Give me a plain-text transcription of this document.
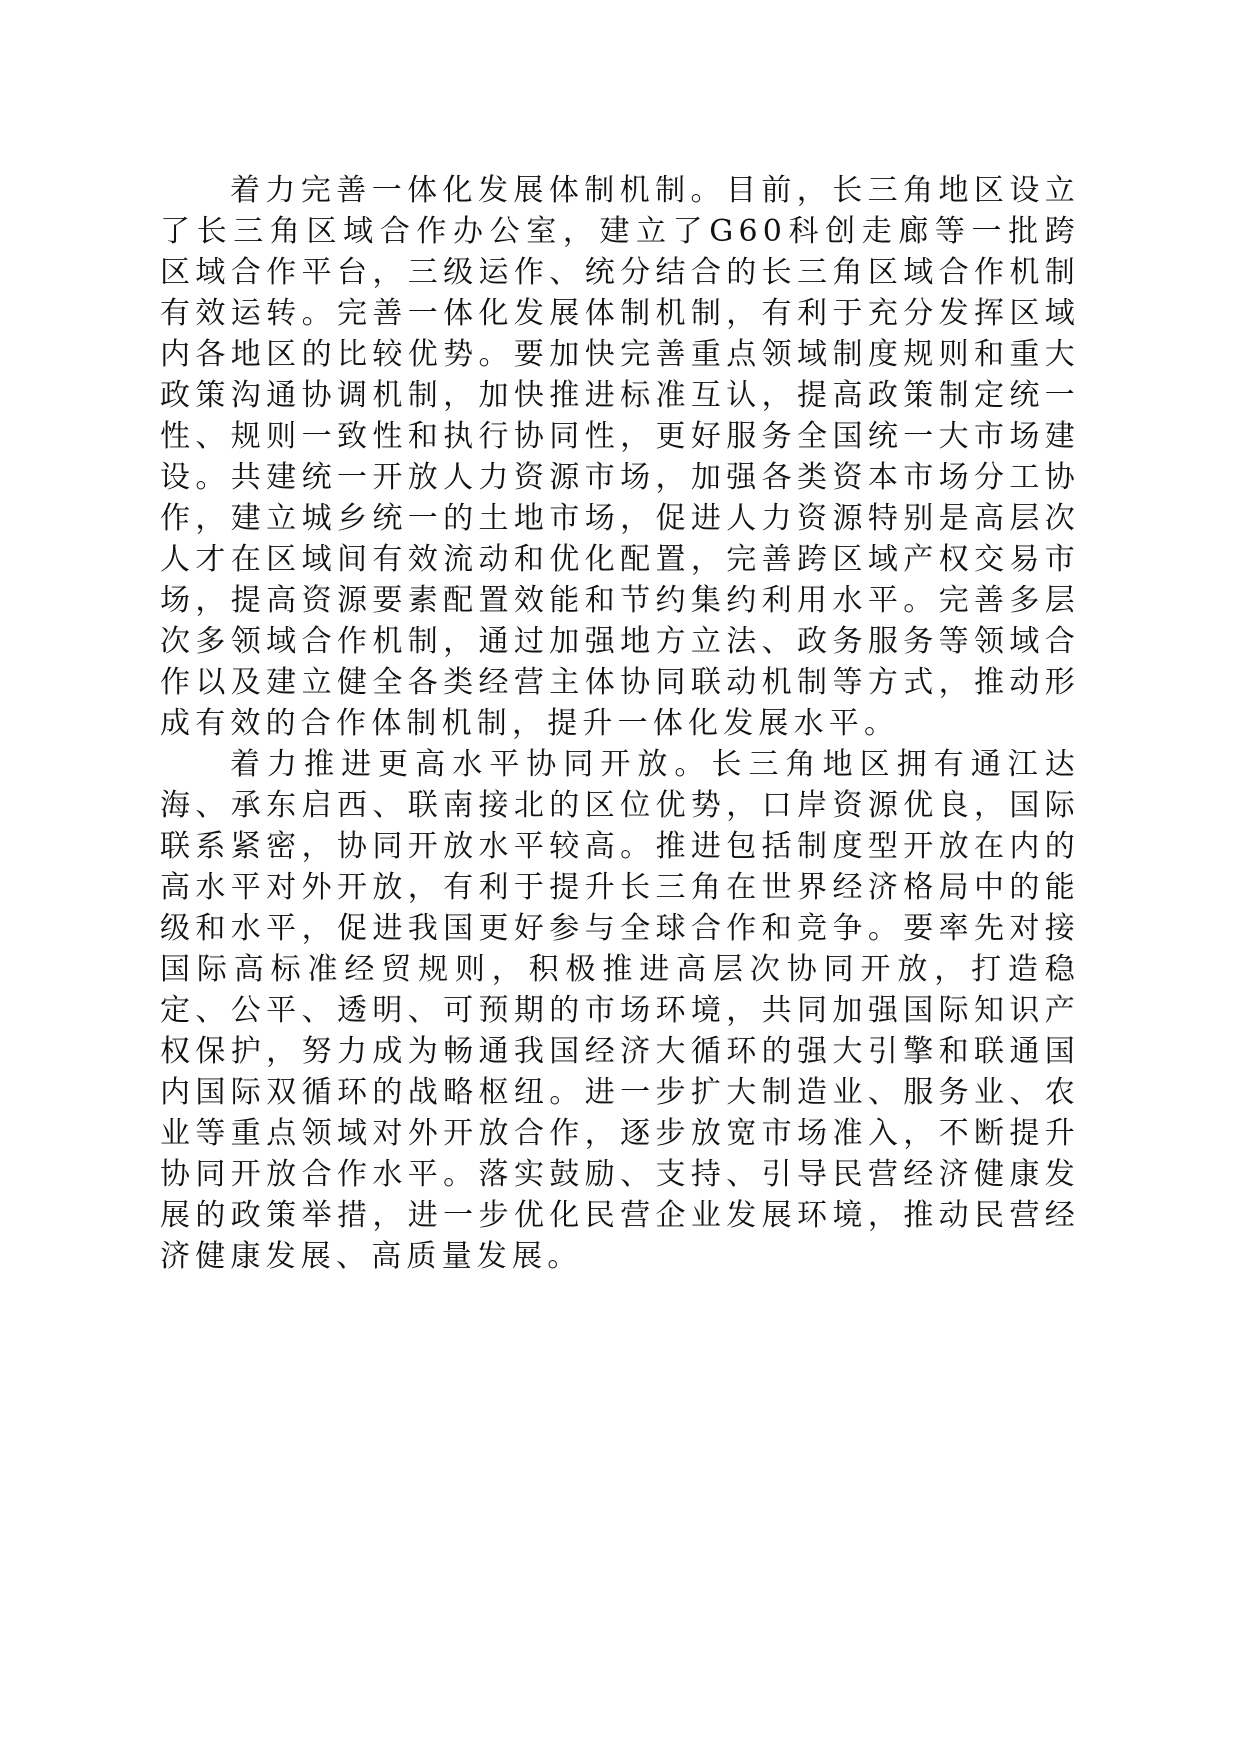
着力完善一体化发展体制机制。目前，长三角地区设立了长三角区域合作办公室，建立了G60科创走廊等一批跨区域合作平台，三级运作、统分结合的长三角区域合作机制有效运转。完善一体化发展体制机制，有利于充分发挥区域内各地区的比较优势。要加快完善重点领域制度规则和重大政策沟通协调机制，加快推进标准互认，提高政策制定统一性、规则一致性和执行协同性，更好服务全国统一大市场建设。共建统一开放人力资源市场，加强各类资本市场分工协作，建立城乡统一的土地市场，促进人力资源特别是高层次人才在区域间有效流动和优化配置，完善跨区域产权交易市场，提高资源要素配置效能和节约集约利用水平。完善多层次多领域合作机制，通过加强地方立法、政务服务等领域合作以及建立健全各类经营主体协同联动机制等方式，推动形成有效的合作体制机制，提升一体化发展水平。

着力推进更高水平协同开放。长三角地区拥有通江达海、承东启西、联南接北的区位优势，口岸资源优良，国际联系紧密，协同开放水平较高。推进包括制度型开放在内的高水平对外开放，有利于提升长三角在世界经济格局中的能级和水平，促进我国更好参与全球合作和竞争。要率先对接国际高标准经贸规则，积极推进高层次协同开放，打造稳定、公平、透明、可预期的市场环境，共同加强国际知识产权保护，努力成为畅通我国经济大循环的强大引擎和联通国内国际双循环的战略枢纽。进一步扩大制造业、服务业、农业等重点领域对外开放合作，逐步放宽市场准入，不断提升协同开放合作水平。落实鼓励、支持、引导民营经济健康发展的政策举措，进一步优化民营企业发展环境，推动民营经济健康发展、高质量发展。
